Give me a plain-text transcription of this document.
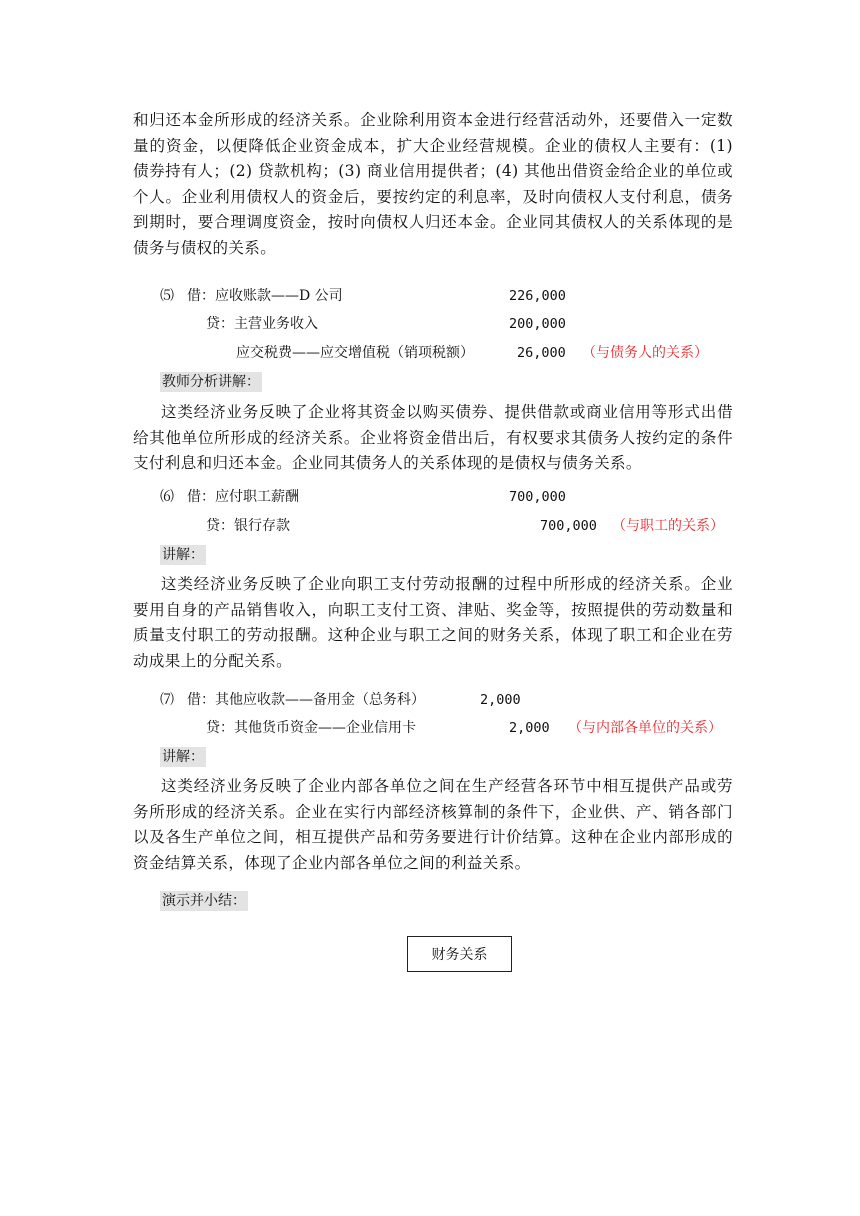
和归还本金所形成的经济关系。企业除利用资本金进行经营活动外，还要借入一定数量的资金，以便降低企业资金成本，扩大企业经营规模。企业的债权人主要有：(1) 债券持有人；(2) 贷款机构；(3) 商业信用提供者；(4) 其他出借资金给企业的单位或个人。企业利用债权人的资金后，要按约定的利息率，及时向债权人支付利息，债务到期时，要合理调度资金，按时向债权人归还本金。企业同其债权人的关系体现的是债务与债权的关系。
⑸ 借：应收账款——D 公司	226,000
贷：主营业务收入	200,000
应交税费——应交增值税（销项税额）	26,000 （与债务人的关系）
教师分析讲解：
这类经济业务反映了企业将其资金以购买债券、提供借款或商业信用等形式出借给其他单位所形成的经济关系。企业将资金借出后，有权要求其债务人按约定的条件支付利息和归还本金。企业同其债务人的关系体现的是债权与债务关系。
⑹ 借：应付职工薪酬	700,000
贷：银行存款	700,000 （与职工的关系）
讲解：
这类经济业务反映了企业向职工支付劳动报酬的过程中所形成的经济关系。企业要用自身的产品销售收入，向职工支付工资、津贴、奖金等，按照提供的劳动数量和质量支付职工的劳动报酬。这种企业与职工之间的财务关系，体现了职工和企业在劳动成果上的分配关系。
⑺ 借：其他应收款——备用金（总务科）	2,000
贷：其他货币资金——企业信用卡	2,000 （与内部各单位的关系）
讲解：
这类经济业务反映了企业内部各单位之间在生产经营各环节中相互提供产品或劳务所形成的经济关系。企业在实行内部经济核算制的条件下，企业供、产、销各部门以及各生产单位之间，相互提供产品和劳务要进行计价结算。这种在企业内部形成的资金结算关系，体现了企业内部各单位之间的利益关系。
演示并小结：
财务关系
